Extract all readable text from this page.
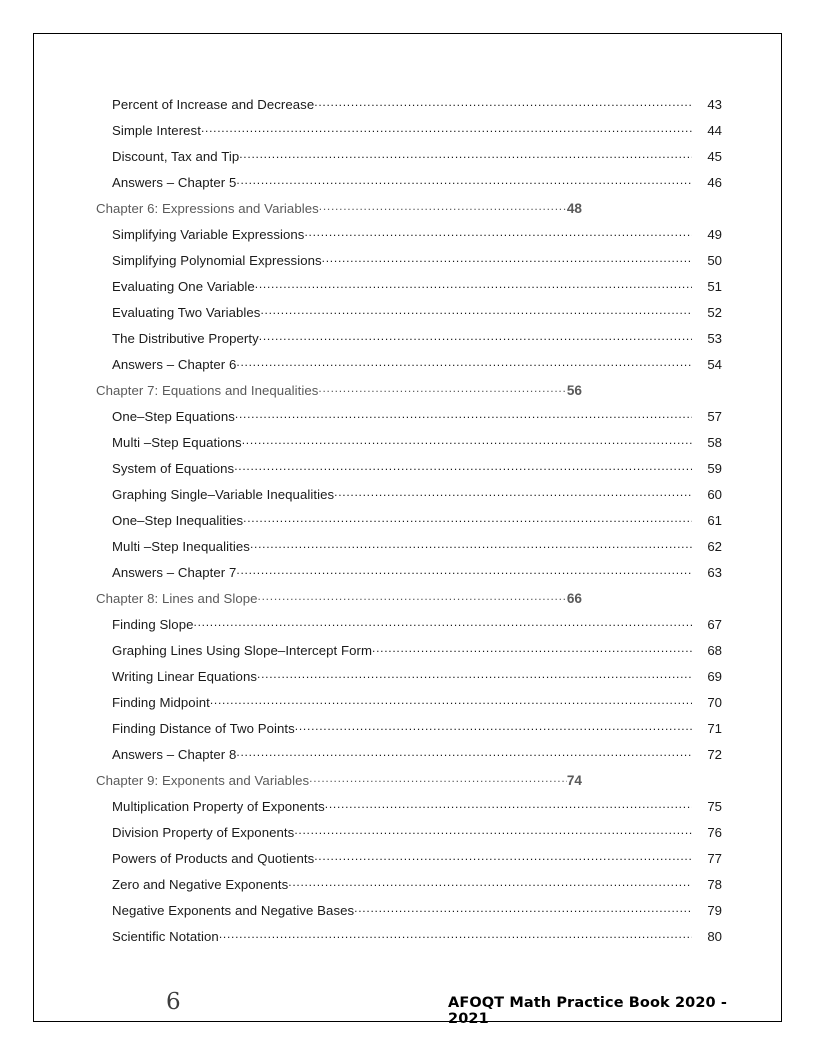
Percent of Increase and Decrease . . .	43
Simple Interest . . .	44
Discount, Tax and Tip . . .	45
Answers – Chapter 5 . . .	46
Chapter 6: Expressions and Variables . . .	48
Simplifying Variable Expressions . . .	49
Simplifying Polynomial Expressions . . .	50
Evaluating One Variable . . .	51
Evaluating Two Variables . . .	52
The Distributive Property . . .	53
Answers – Chapter 6 . . .	54
Chapter 7: Equations and Inequalities . . .	56
One–Step Equations . . .	57
Multi –Step Equations . . .	58
System of Equations . . .	59
Graphing Single–Variable Inequalities . . .	60
One–Step Inequalities . . .	61
Multi –Step Inequalities . . .	62
Answers – Chapter 7 . . .	63
Chapter 8: Lines and Slope . . .	66
Finding Slope . . .	67
Graphing Lines Using Slope–Intercept Form . . .	68
Writing Linear Equations . . .	69
Finding Midpoint . . .	70
Finding Distance of Two Points . . .	71
Answers – Chapter 8 . . .	72
Chapter 9: Exponents and Variables . . .	74
Multiplication Property of Exponents . . .	75
Division Property of Exponents . . .	76
Powers of Products and Quotients . . .	77
Zero and Negative Exponents . . .	78
Negative Exponents and Negative Bases . . .	79
Scientific Notation . . .	80
6	AFOQT Math Practice Book 2020 - 2021
